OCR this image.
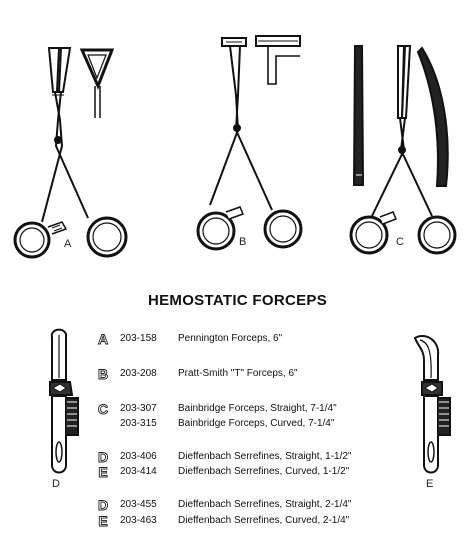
A	B	C
D	E
HEMOSTATIC FORCEPS
A 203-158 Pennington Forceps, 6"
B 203-208 Pratt-Smith "T" Forceps, 6"
C 203-307 Bainbridge Forceps, Straight, 7-1/4"
203-315 Bainbridge Forceps, Curved, 7-1/4"
D 203-406 Dieffenbach Serrefines, Straight, 1-1/2"
E 203-414 Dieffenbach Serrefines, Curved, 1-1/2"
D 203-455 Dieffenbach Serrefines, Straight, 2-1/4"
E 203-463 Dieffenbach Serrefines, Curved, 2-1/4"
